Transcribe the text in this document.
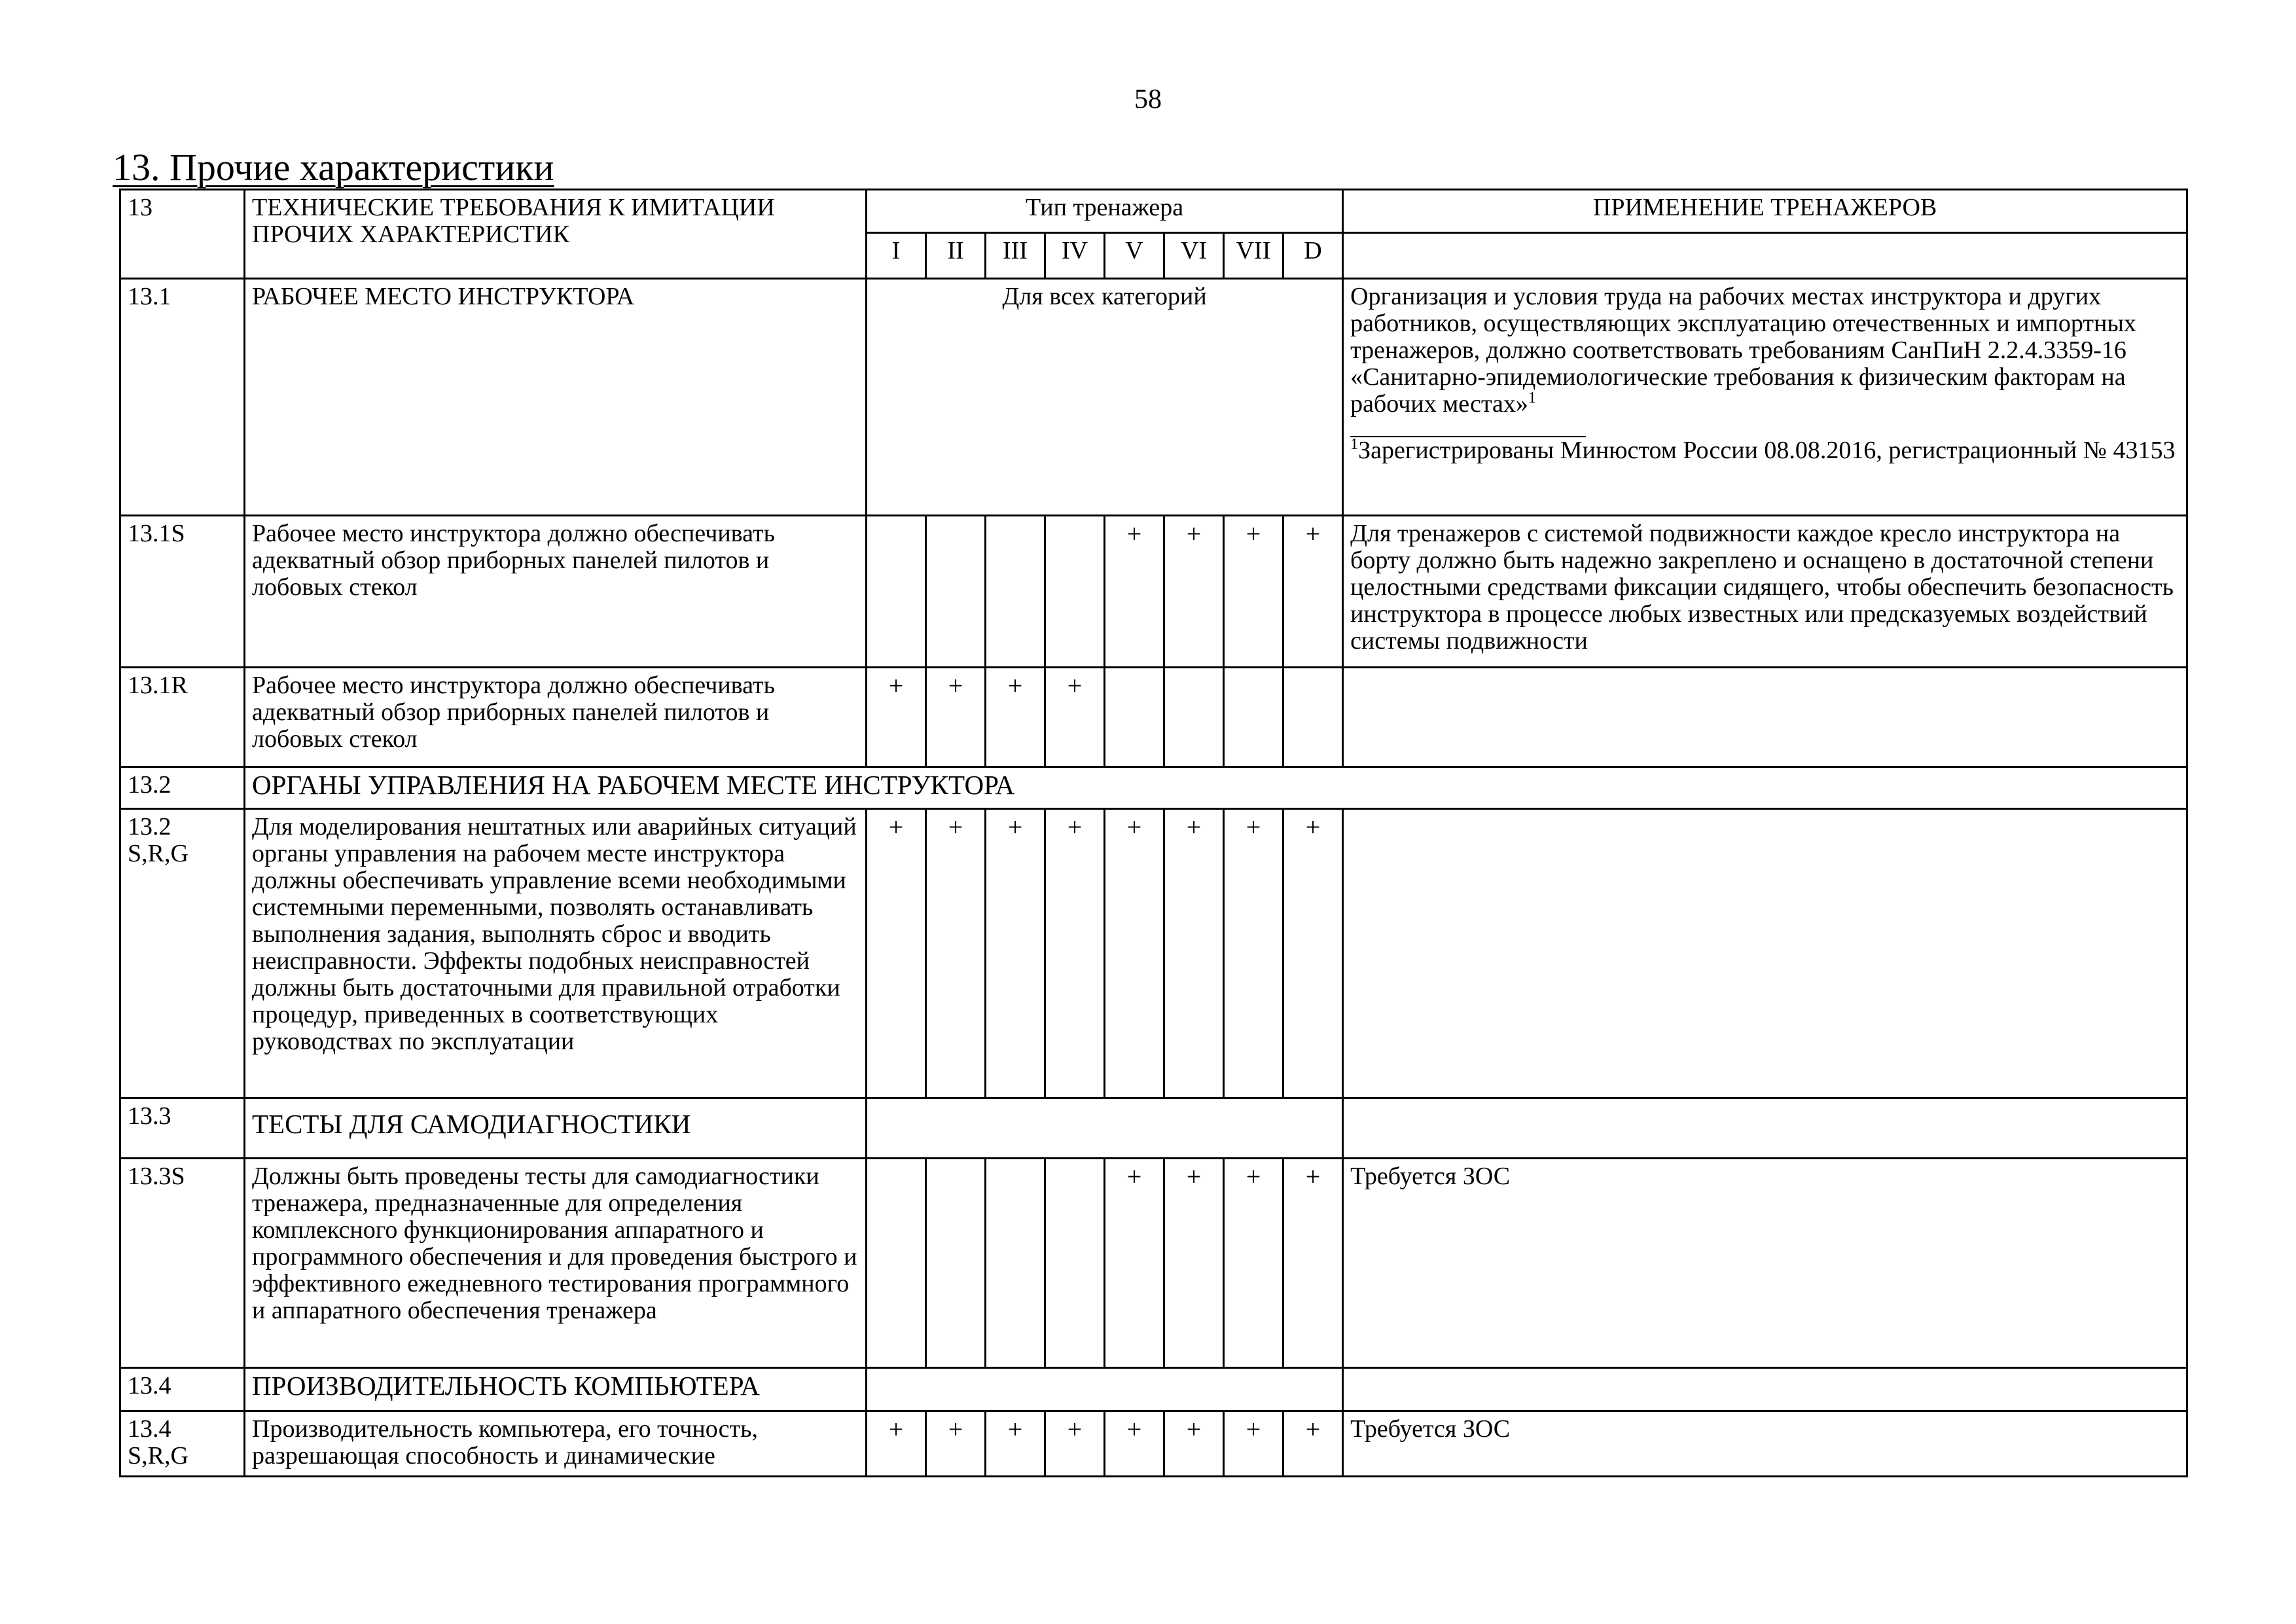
58
13. Прочие характеристики
13	ТЕХНИЧЕСКИЕ ТРЕБОВАНИЯ К ИМИТАЦИИ ПРОЧИХ ХАРАКТЕРИСТИК	Тип тренажера								ПРИМЕНЕНИЕ ТРЕНАЖЕРОВ
		I	II	III	IV	V	VI	VII	D	
13.1	РАБОЧЕЕ МЕСТО ИНСТРУКТОРА	Для всех категорий								Организация и условия труда на рабочих местах инструктора и других работников, осуществляющих эксплуатацию отечественных и импортных тренажеров, должно соответствовать требованиям СанПиН 2.2.4.3359-16 «Санитарно-эпидемиологические требования к физическим факторам на рабочих местах»$^1$
$^1$Зарегистрированы Минюстом России 08.08.2016, регистрационный № 43153
13.1S	Рабочее место инструктора должно обеспечивать адекватный обзор приборных панелей пилотов и лобовых стекол					+	+	+	+	Для тренажеров с системой подвижности каждое кресло инструктора на борту должно быть надежно закреплено и оснащено в достаточной степени целостными средствами фиксации сидящего, чтобы обеспечить безопасность инструктора в процессе любых известных или предсказуемых воздействий системы подвижности
13.1R	Рабочее место инструктора должно обеспечивать адекватный обзор приборных панелей пилотов и лобовых стекол	+	+	+	+					
13.2	ОРГАНЫ УПРАВЛЕНИЯ НА РАБОЧЕМ МЕСТЕ ИНСТРУКТОРА									
13.2 S,R,G	Для моделирования нештатных или аварийных ситуаций органы управления на рабочем месте инструктора должны обеспечивать управление всеми необходимыми системными переменными, позволять останавливать выполнения задания, выполнять сброс и вводить неисправности. Эффекты подобных неисправностей должны быть достаточными для правильной отработки процедур, приведенных в соответствующих руководствах по эксплуатации	+	+	+	+	+	+	+	+	
13.3	ТЕСТЫ ДЛЯ САМОДИАГНОСТИКИ									
13.3S	Должны быть проведены тесты для самодиагностики тренажера, предназначенные для определения комплексного функционирования аппаратного и программного обеспечения и для проведения быстрого и эффективного ежедневного тестирования программного и аппаратного обеспечения тренажера					+	+	+	+	Требуется ЗОС
13.4	ПРОИЗВОДИТЕЛЬНОСТЬ КОМПЬЮТЕРА									
13.4 S,R,G	Производительность компьютера, его точность, разрешающая способность и динамические	+	+	+	+	+	+	+	+	Требуется ЗОС
